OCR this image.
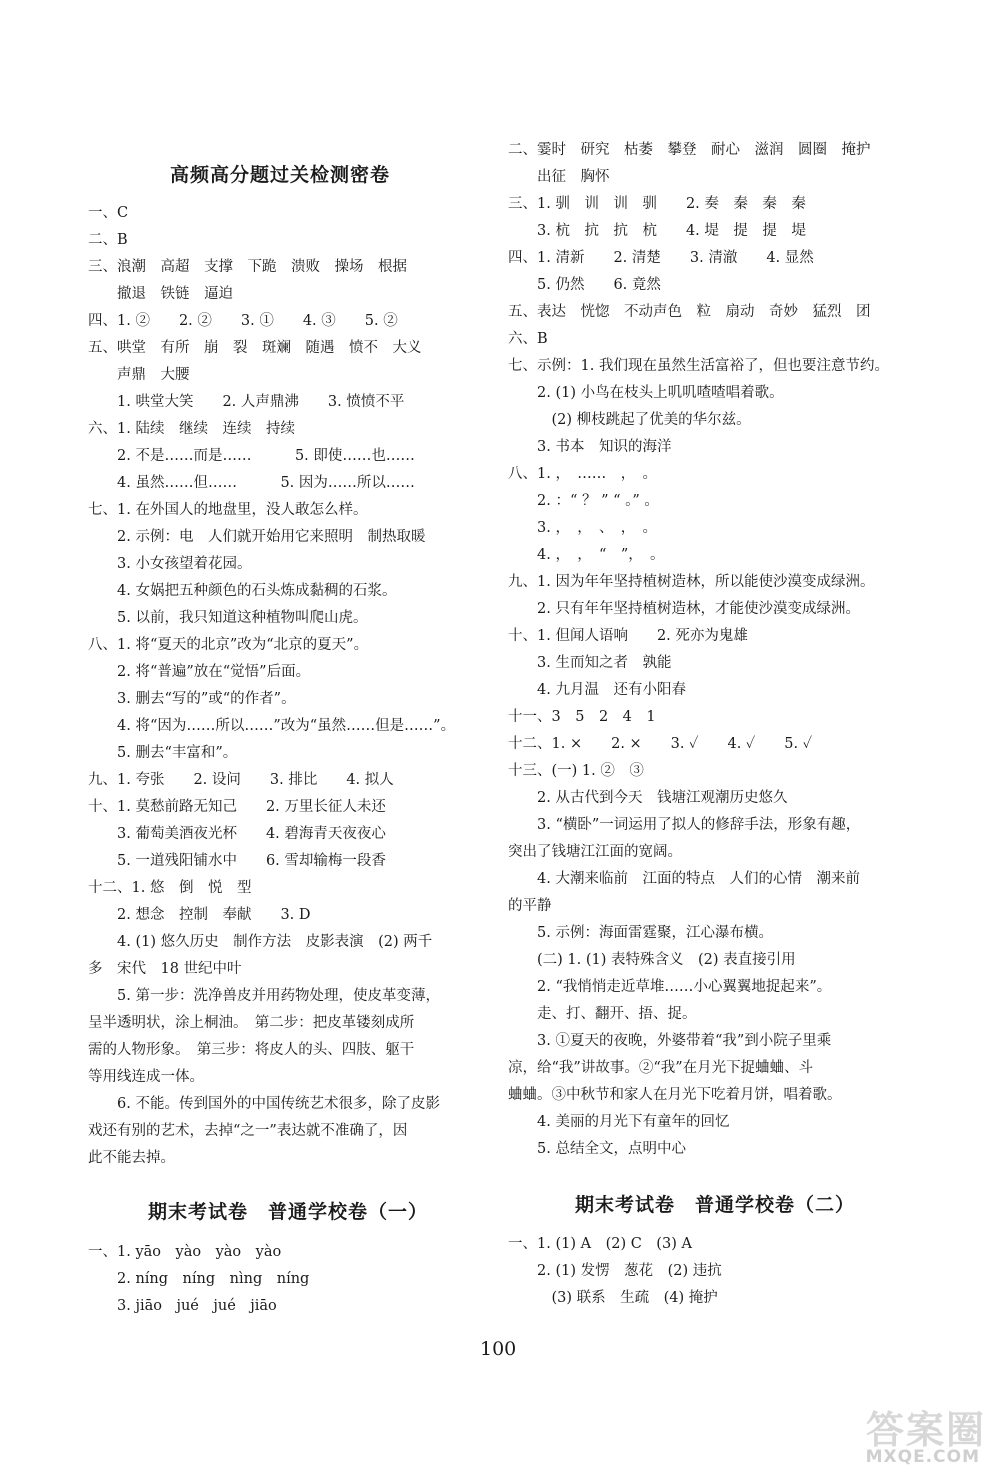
一、C
二、B
三、浪潮　高超　支撑　下跪　溃败　操场　根据
　　撤退　铁链　逼迫
四、1. ②　　2. ②　　3. ①　　4. ③　　5. ②
五、哄堂　有所　崩　裂　斑斓　随遇　愤不　大义
　　声鼎　大腰
　　1. 哄堂大笑　　2. 人声鼎沸　　3. 愤愤不平
六、1. 陆续　继续　连续　持续
　　2. 不是……而是……　　　5. 即使……也……
　　4. 虽然……但……　　　5. 因为……所以……
七、1. 在外国人的地盘里，没人敢怎么样。
　　2. 示例：电　人们就开始用它来照明　制热取暖
　　3. 小女孩望着花园。
　　4. 女娲把五种颜色的石头炼成黏稠的石浆。
　　5. 以前，我只知道这种植物叫爬山虎。
八、1. 将“夏天的北京”改为“北京的夏天”。
　　2. 将“普遍”放在“觉悟”后面。
　　3. 删去“写的”或“的作者”。
　　4. 将“因为……所以……”改为“虽然……但是……”。
　　5. 删去“丰富和”。
九、1. 夸张　　2. 设问　　3. 排比　　4. 拟人
十、1. 莫愁前路无知己　　2. 万里长征人未还
　　3. 葡萄美酒夜光杯　　4. 碧海青天夜夜心
　　5. 一道残阳铺水中　　6. 雪却输梅一段香
十二、1. 悠　倒　悦　型
　　2. 想念　控制　奉献　　3. D
　　4. (1) 悠久历史　制作方法　皮影表演　(2) 两千
多　宋代　18 世纪中叶
　　5. 第一步：洗净兽皮并用药物处理，使皮革变薄，
呈半透明状，涂上桐油。　第二步：把皮革镂刻成所
需的人物形象。　第三步：将皮人的头、四肢、躯干
等用线连成一体。
　　6. 不能。传到国外的中国传统艺术很多，除了皮影
戏还有别的艺术，去掉“之一”表达就不准确了，因
此不能去掉。
一、1. yāo　yào　yào　yào
　　2. níng　níng　nìng　níng
　　3. jiāo　jué　jué　jiāo
二、霎时　研究　枯萎　攀登　耐心　滋润　圆圈　掩护
　　出征　胸怀
三、1. 驯　训　训　驯　　2. 奏　秦　秦　秦
　　3. 杭　抗　抗　杭　　4. 堤　提　提　堤
四、1. 清新　　2. 清楚　　3. 清澈　　4. 显然
　　5. 仍然　　6. 竟然
五、表达　恍惚　不动声色　粒　扇动　奇妙　猛烈　团
六、B
七、示例：1. 我们现在虽然生活富裕了，但也要注意节约。
　　2. (1) 小鸟在枝头上叽叽喳喳唱着歌。
　　　(2) 柳枝跳起了优美的华尔兹。
　　3. 书本　知识的海洋
八、1. ，　……　，　。
　　2. ：“ ？ ” “ 。” 。
　　3. ，　，　、　，　。
　　4. ，　，　“　”，　。
九、1. 因为年年坚持植树造林，所以能使沙漠变成绿洲。
　　2. 只有年年坚持植树造林，才能使沙漠变成绿洲。
十、1. 但闻人语响　　2. 死亦为鬼雄
　　3. 生而知之者　孰能
　　4. 九月温　还有小阳春
十一、3　5　2　4　1
十二、1. ×　　2. ×　　3. ✓　　4. ✓　　5. ✓
十三、(一) 1. ②　③
　　2. 从古代到今天　钱塘江观潮历史悠久
　　3. “横卧”一词运用了拟人的修辞手法，形象有趣，
突出了钱塘江江面的宽阔。
　　4. 大潮来临前　江面的特点　人们的心情　潮来前
的平静
　　5. 示例：海面雷霆聚，江心瀑布横。
　　(二) 1. (1) 表特殊含义　(2) 表直接引用
　　2. “我悄悄走近草堆……小心翼翼地捉起来”。
　　走、打、翻开、捂、捉。
　　3. ①夏天的夜晚，外婆带着“我”到小院子里乘
凉，给“我”讲故事。②“我”在月光下捉蛐蛐、斗
蛐蛐。③中秋节和家人在月光下吃着月饼，唱着歌。
　　4. 美丽的月光下有童年的回忆
　　5. 总结全文，点明中心
一、1. (1) A　(2) C　(3) A
　　2. (1) 发愣　葱花　(2) 违抗
　　　(3) 联系　生疏　(4) 掩护
高频高分题过关检测密卷
期末考试卷　普通学校卷（一）	期末考试卷　普通学校卷（二）
100
答案圈
MXQE.COM
